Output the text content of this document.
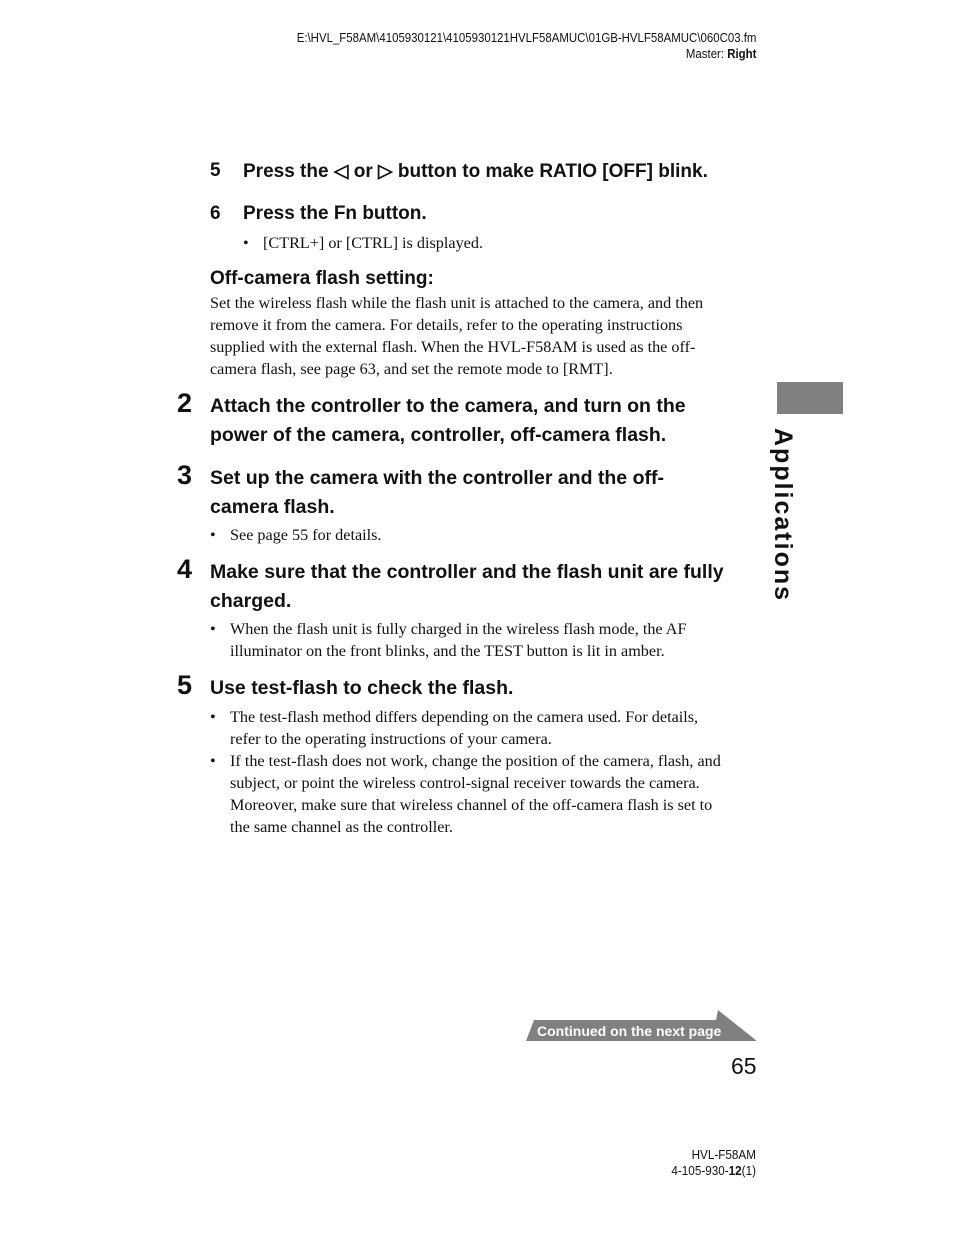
E:\HVL_F58AM\4105930121\4105930121HVLF58AMUC\01GB-HVLF58AMUC\060C03.fm
Master: Right
5 Press the ◁ or ▷ button to make RATIO [OFF] blink.
6 Press the Fn button.
• [CTRL+] or [CTRL] is displayed.
Off-camera flash setting:
Set the wireless flash while the flash unit is attached to the camera, and then
remove it from the camera. For details, refer to the operating instructions
supplied with the external flash. When the HVL-F58AM is used as the off-
camera flash, see page 63, and set the remote mode to [RMT].
2 Attach the controller to the camera, and turn on the
power of the camera, controller, off-camera flash.
3 Set up the camera with the controller and the off-
camera flash.
• See page 55 for details.
4 Make sure that the controller and the flash unit are fully
charged.
• When the flash unit is fully charged in the wireless flash mode, the AF
illuminator on the front blinks, and the TEST button is lit in amber.
5 Use test-flash to check the flash.
• The test-flash method differs depending on the camera used. For details,
refer to the operating instructions of your camera.
• If the test-flash does not work, change the position of the camera, flash, and
subject, or point the wireless control-signal receiver towards the camera.
Moreover, make sure that wireless channel of the off-camera flash is set to
the same channel as the controller.
Applications
Continued on the next page
65
HVL-F58AM
4-105-930-12(1)
